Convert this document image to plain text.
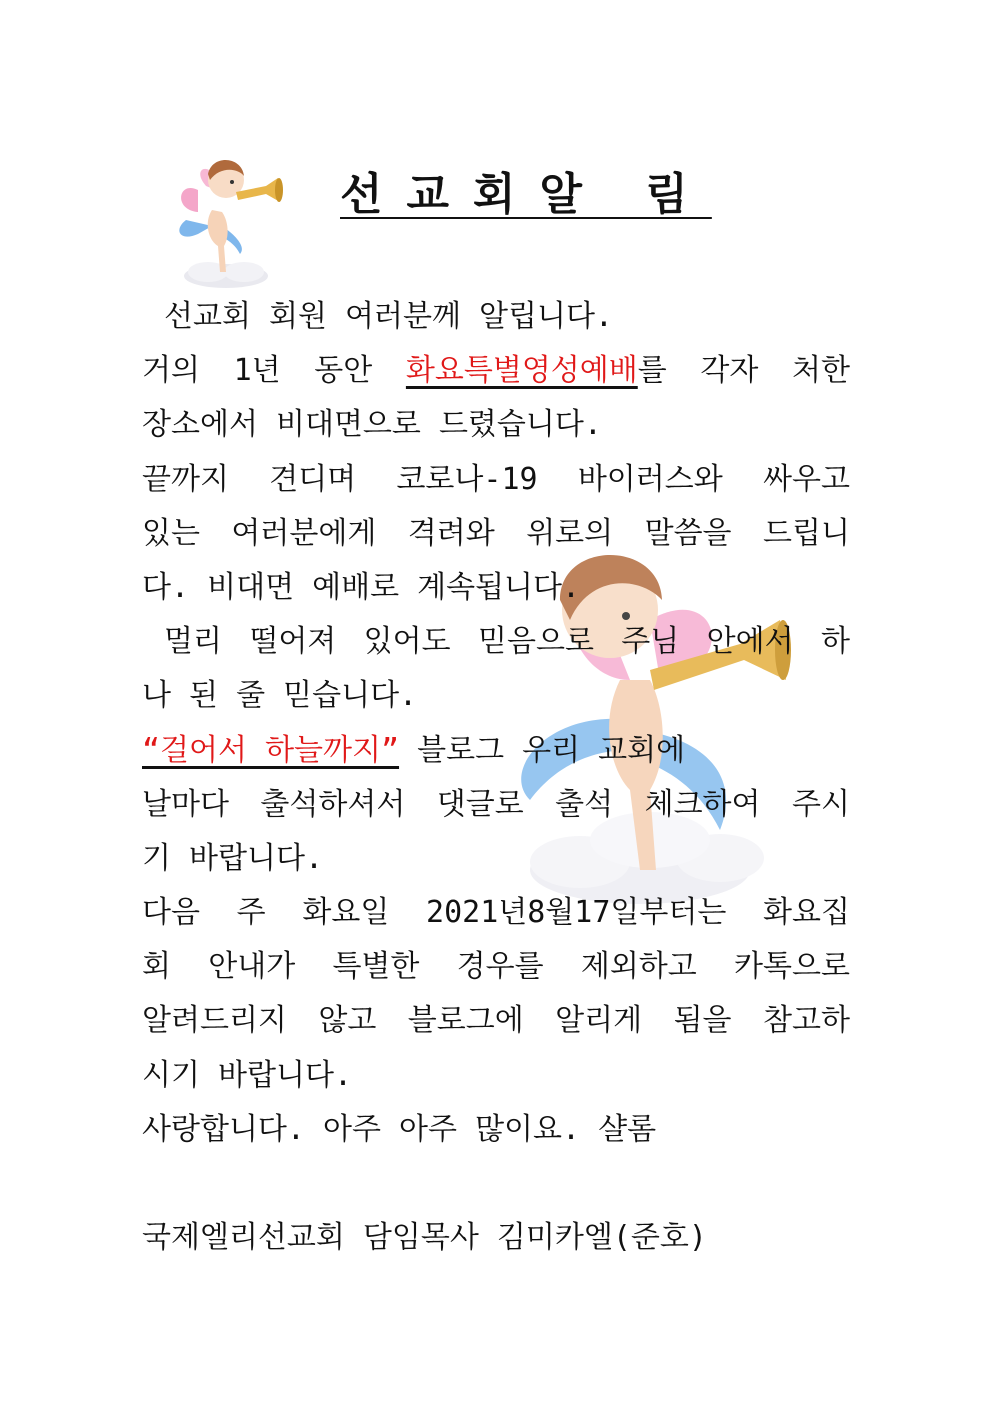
선교회알 림
선교회 회원 여러분께 알립니다.
거의 1년 동안 화요특별영성예배를 각자 처한
장소에서 비대면으로 드렸습니다.
끝까지 견디며 코로나-19 바이러스와 싸우고
있는 여러분에게 격려와 위로의 말씀을 드립니
다. 비대면 예배로 계속됩니다.
멀리 떨어져 있어도 믿음으로 주님 안에서 하
나 된 줄 믿습니다.
“걸어서 하늘까지” 블로그 우리 교회에
날마다 출석하셔서 댓글로 출석 체크하여 주시
기 바랍니다.
다음 주 화요일 2021년8월17일부터는 화요집
회 안내가 특별한 경우를 제외하고 카톡으로
알려드리지 않고 블로그에 알리게 됨을 참고하
시기 바랍니다.
사랑합니다. 아주 아주 많이요. 샬롬
국제엘리선교회 담임목사 김미카엘(준호)
